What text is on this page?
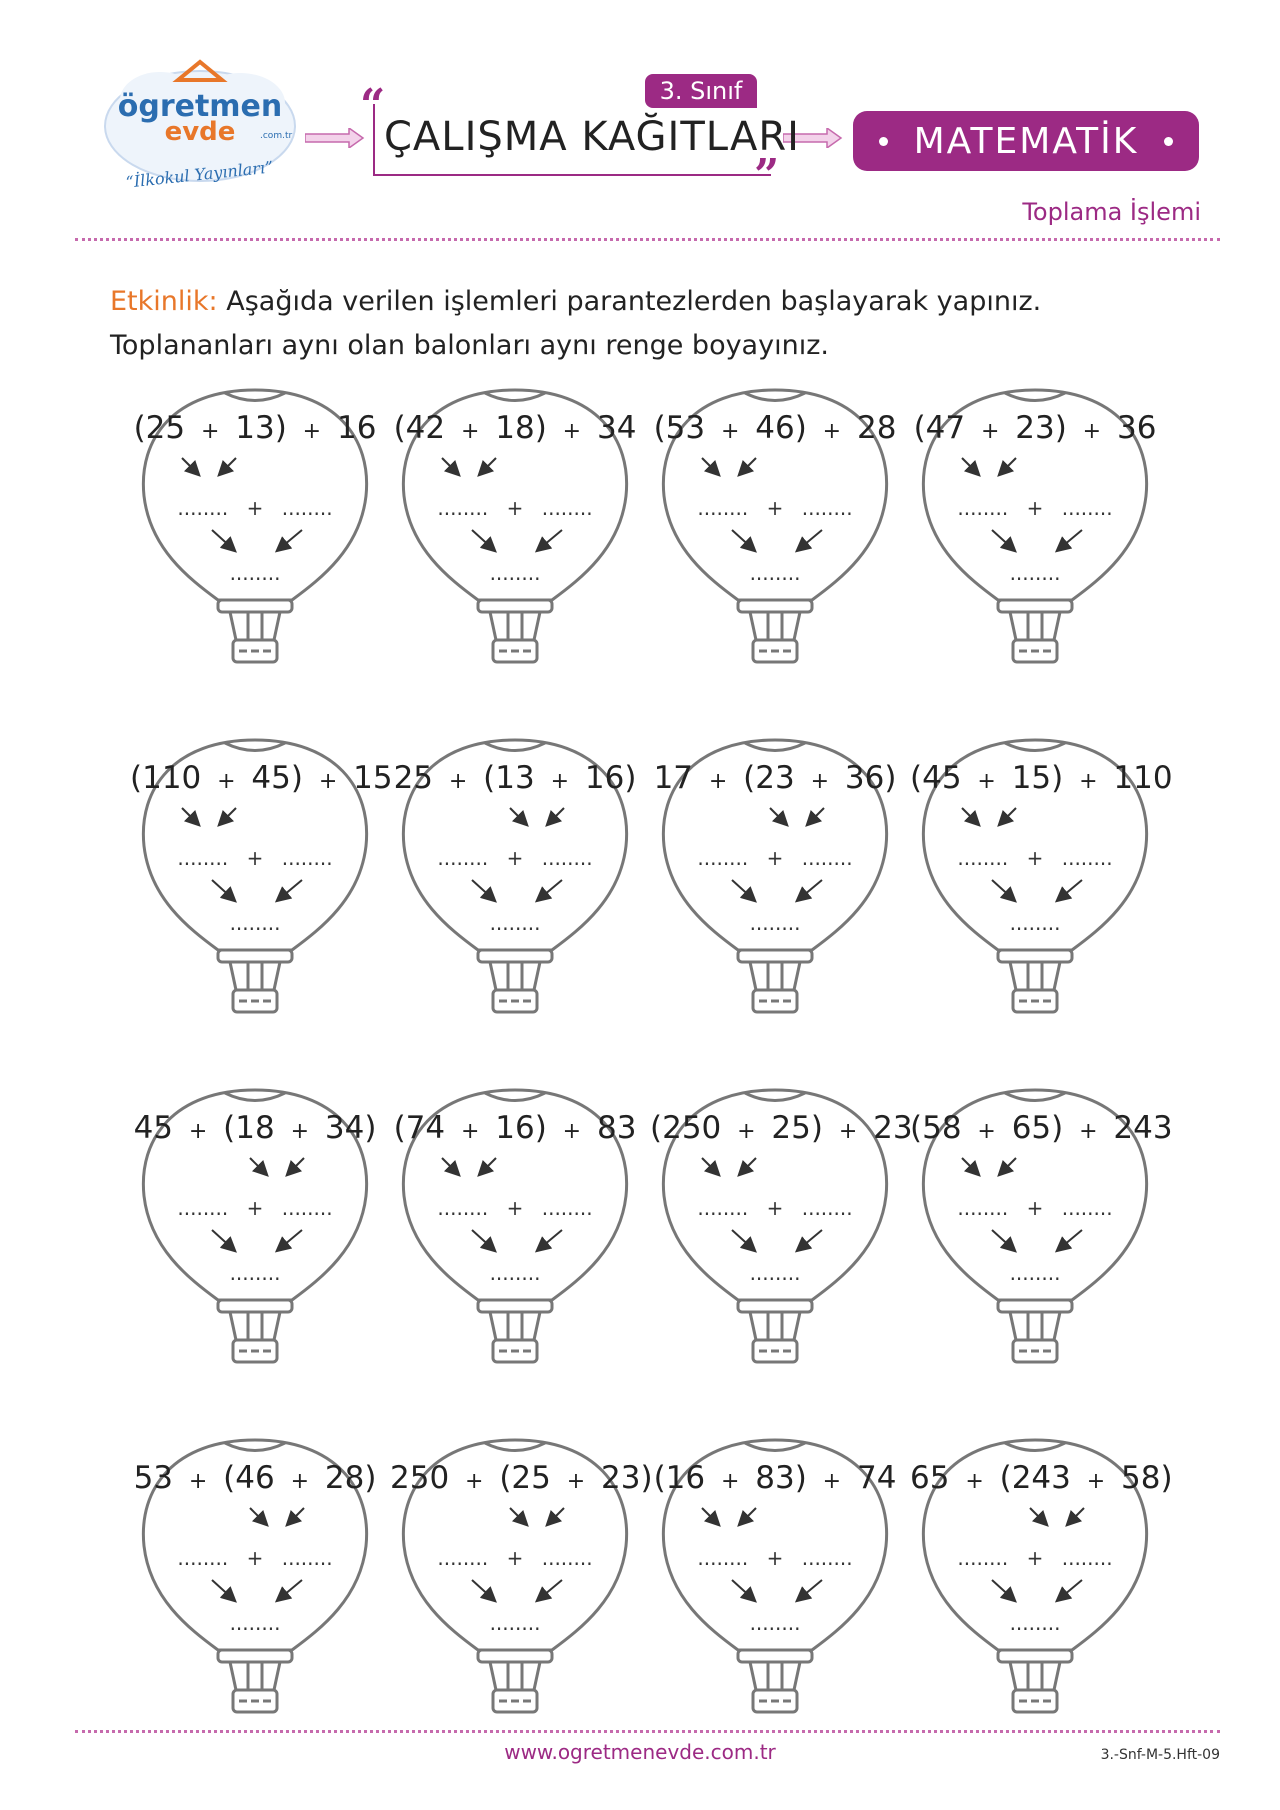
ögretmen
evde	.com.tr
“İlkokul Yayınları”
“
”
3. Sınıf
ÇALIŞMA KAĞITLARI	MATEMATİK
Toplama İşlemi
Etkinlik: Aşağıda verilen işlemleri parantezlerden başlayarak yapınız. Toplananları aynı olan balonları aynı renge boyayınız.
(25 + 13) + 16
........ + ........
........
(42 + 18) + 34
........ + ........
........
(53 + 46) + 28
........ + ........
........
(47 + 23) + 36
........ + ........
........
(110 + 45) + 15
........ + ........
........
25 + (13 + 16)
........ + ........
........
17 + (23 + 36)
........ + ........
........
(45 + 15) + 110
........ + ........
........
45 + (18 + 34)
........ + ........
........
(74 + 16) + 83
........ + ........
........
(250 + 25) + 23
........ + ........
........
(58 + 65) + 243
........ + ........
........
53 + (46 + 28)
........ + ........
........
250 + (25 + 23)
........ + ........
........
(16 + 83) + 74
........ + ........
........
65 + (243 + 58)
........ + ........
........
www.ogretmenevde.com.tr	3.-Snf-M-5.Hft-09
